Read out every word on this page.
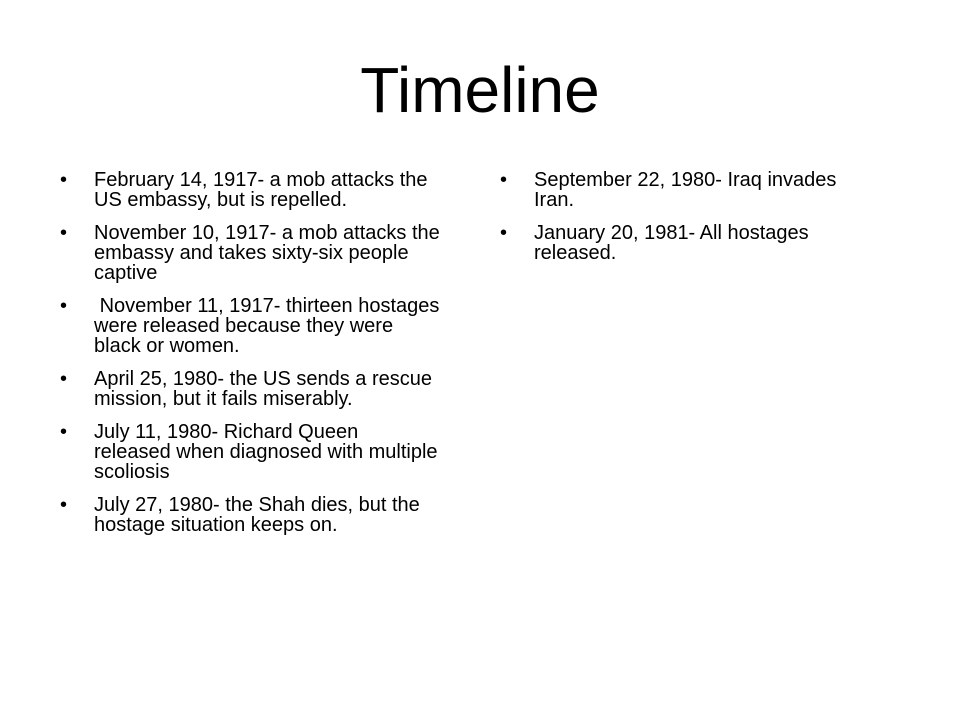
Timeline
•	February 14, 1917- a mob attacks the US embassy, but is repelled.
•	November 10, 1917- a mob attacks the embassy and takes sixty-six people captive
•	November 11, 1917- thirteen hostages were released because they were black or women.
•	April 25, 1980- the US sends a rescue mission, but it fails miserably.
•	July 11, 1980- Richard Queen released when diagnosed with multiple scoliosis
•	July 27, 1980- the Shah dies, but the hostage situation keeps on.
•	September 22, 1980- Iraq invades Iran.
•	January 20, 1981- All hostages released.
